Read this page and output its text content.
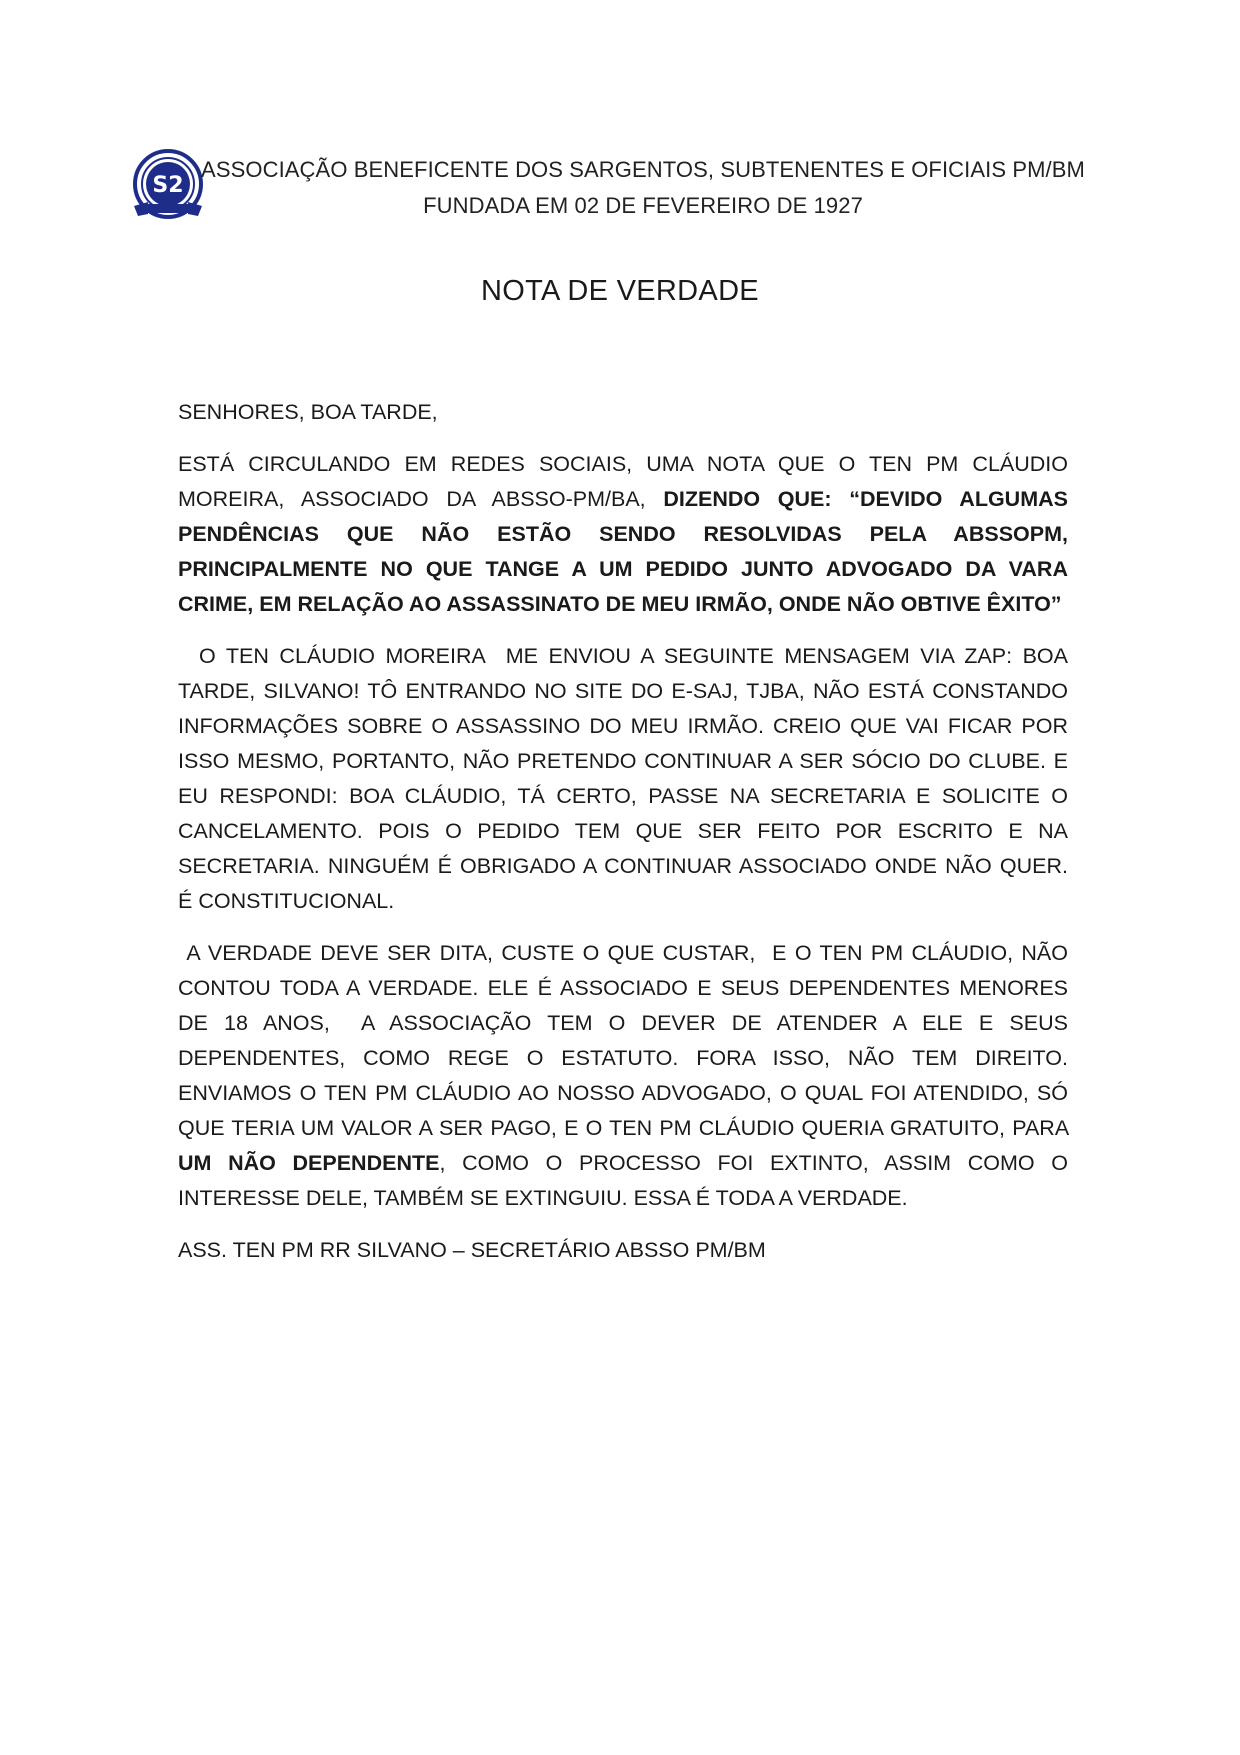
S2
ASSOCIAÇÃO BENEFICENTE DOS SARGENTOS, SUBTENENTES E OFICIAIS PM/BM
FUNDADA EM 02 DE FEVEREIRO DE 1927
NOTA DE VERDADE

SENHORES, BOA TARDE,

ESTÁ CIRCULANDO EM REDES SOCIAIS, UMA NOTA QUE O TEN PM CLÁUDIO MOREIRA, ASSOCIADO DA ABSSO-PM/BA, DIZENDO QUE: “DEVIDO ALGUMAS PENDÊNCIAS QUE NÃO ESTÃO SENDO RESOLVIDAS PELA ABSSOPM, PRINCIPALMENTE NO QUE TANGE A UM PEDIDO JUNTO ADVOGADO DA VARA CRIME, EM RELAÇÃO AO ASSASSINATO DE MEU IRMÃO, ONDE NÃO OBTIVE ÊXITO”

O TEN CLÁUDIO MOREIRA  ME ENVIOU A SEGUINTE MENSAGEM VIA ZAP: BOA TARDE, SILVANO! TÔ ENTRANDO NO SITE DO E-SAJ, TJBA, NÃO ESTÁ CONSTANDO INFORMAÇÕES SOBRE O ASSASSINO DO MEU IRMÃO. CREIO QUE VAI FICAR POR ISSO MESMO, PORTANTO, NÃO PRETENDO CONTINUAR A SER SÓCIO DO CLUBE. E EU RESPONDI: BOA CLÁUDIO, TÁ CERTO, PASSE NA SECRETARIA E SOLICITE O CANCELAMENTO. POIS O PEDIDO TEM QUE SER FEITO POR ESCRITO E NA SECRETARIA. NINGUÉM É OBRIGADO A CONTINUAR ASSOCIADO ONDE NÃO QUER. É CONSTITUCIONAL.

A VERDADE DEVE SER DITA, CUSTE O QUE CUSTAR,  E O TEN PM CLÁUDIO, NÃO CONTOU TODA A VERDADE. ELE É ASSOCIADO E SEUS DEPENDENTES MENORES DE 18 ANOS,  A ASSOCIAÇÃO TEM O DEVER DE ATENDER A ELE E SEUS DEPENDENTES, COMO REGE O ESTATUTO. FORA ISSO, NÃO TEM DIREITO. ENVIAMOS O TEN PM CLÁUDIO AO NOSSO ADVOGADO, O QUAL FOI ATENDIDO, SÓ QUE TERIA UM VALOR A SER PAGO, E O TEN PM CLÁUDIO QUERIA GRATUITO, PARA UM NÃO DEPENDENTE, COMO O PROCESSO FOI EXTINTO, ASSIM COMO O INTERESSE DELE, TAMBÉM SE EXTINGUIU. ESSA É TODA A VERDADE.

ASS. TEN PM RR SILVANO – SECRETÁRIO ABSSO PM/BM
